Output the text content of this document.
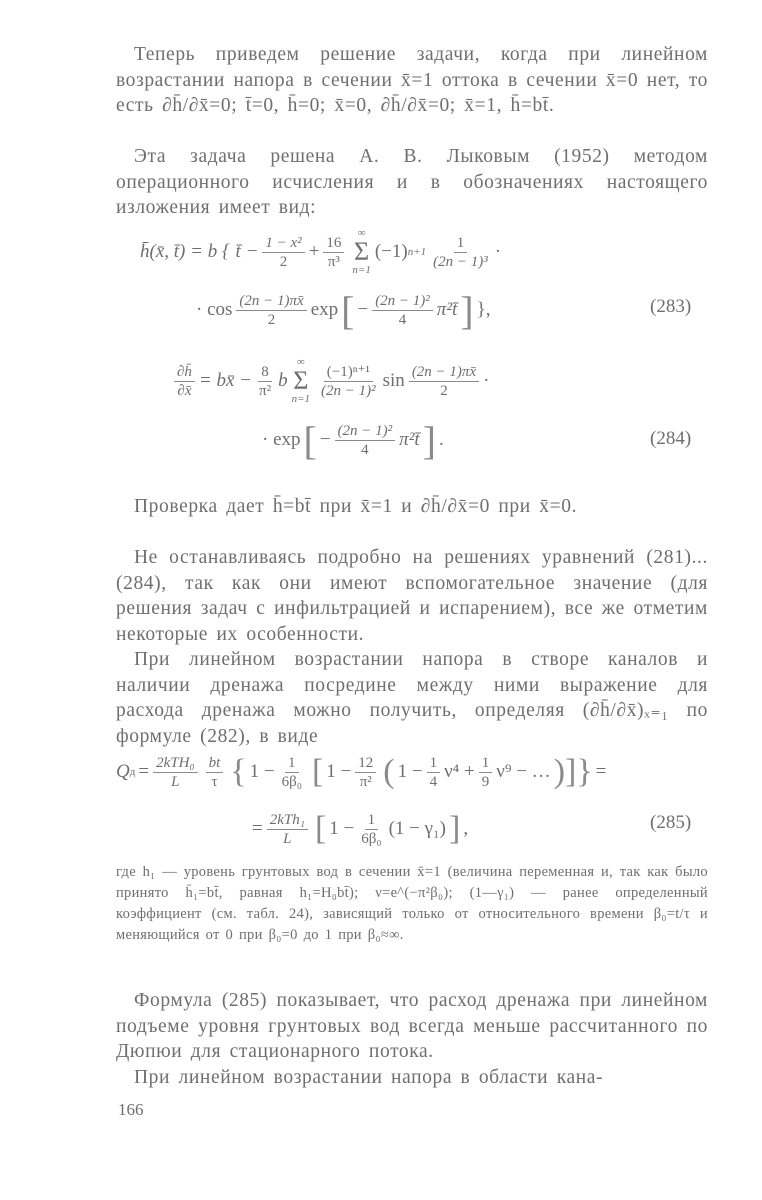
Теперь приведем решение задачи, когда при линейном возрастании напора в сечении x̄=1 оттока в сечении x̄=0 нет, то есть ∂h̄/∂x̄=0; t̄=0, h̄=0; x̄=0, ∂h̄/∂x̄=0; x̄=1, h̄=bt̄.
Эта задача решена А. В. Лыковым (1952) методом операционного исчисления и в обозначениях настоящего изложения имеет вид:
h̄(x̄, t̄) = b { t̄ − $\frac{\text{1 − x²}}{2} + \frac{16}{\text{π³}}$
∞
Σ
n=1
(−1) $n+1 \frac{1}{\text{(2n − 1)³}}$ ·
· $\cos \frac{(2n - 1)\pi x̄}{2}$ exp [ − $\frac{\text{(2n − 1)²}}{4}$ π²t̄ ] },	(283)
$\frac{\partial h̄}{\partial x̄}$ = bx̄ − $\frac{8}{\text{π²}}$ b
∞
Σ
$n=1 \frac{\text{(−1)ⁿ⁺¹}}{\text{(2n − 1)²}}$ $\sin \frac{(2n - 1)\pi x̄}{2}$ ·
· exp [ − $\frac{\text{(2n − 1)²}}{4}$ π²t̄ ] .	(284)
Проверка дает h̄=bt̄ при x̄=1 и ∂h̄/∂x̄=0 при x̄=0.
Не останавливаясь подробно на решениях уравнений (281)...(284), так как они имеют вспомогательное значение (для решения задач с инфильтрацией и испарением), все же отметим некоторые их особенности.
При линейном возрастании напора в створе каналов и наличии дренажа посредине между ними выражение для расхода дренажа можно получить, определяя (∂h̄/∂x̄)ₓ₌₁ по формуле (282), в виде
Q $д = \frac{\text{2kTH₀}}{L} \frac{bt}{\tau}$ { $1 - \frac{1}{\text{6β₀}}$ [ $1 - \frac{12}{\text{π²}}$ ( $1 - \frac{1}{4} \nu^4 + \frac{1}{9} \nu^9$ − … )]} =
= $\frac{\text{2kTh₁}}{L}$ [ $1 - \frac{1}{\text{6β₀}} (1 - \gamma_1)$ ] ,	(285)
где h₁ — уровень грунтовых вод в сечении x̄=1 (величина переменная и, так как было принято h̄₁=bt̄, равная h₁=H₀bt̄); ν=e^(−π²β₀); (1—γ₁) — ранее определенный коэффициент (см. табл. 24), зависящий только от относительного времени β₀=t/τ и меняющийся от 0 при β₀=0 до 1 при β₀≈∞.
Формула (285) показывает, что расход дренажа при линейном подъеме уровня грунтовых вод всегда меньше рассчитанного по Дюпюи для стационарного потока.
При линейном возрастании напора в области кана-
166
